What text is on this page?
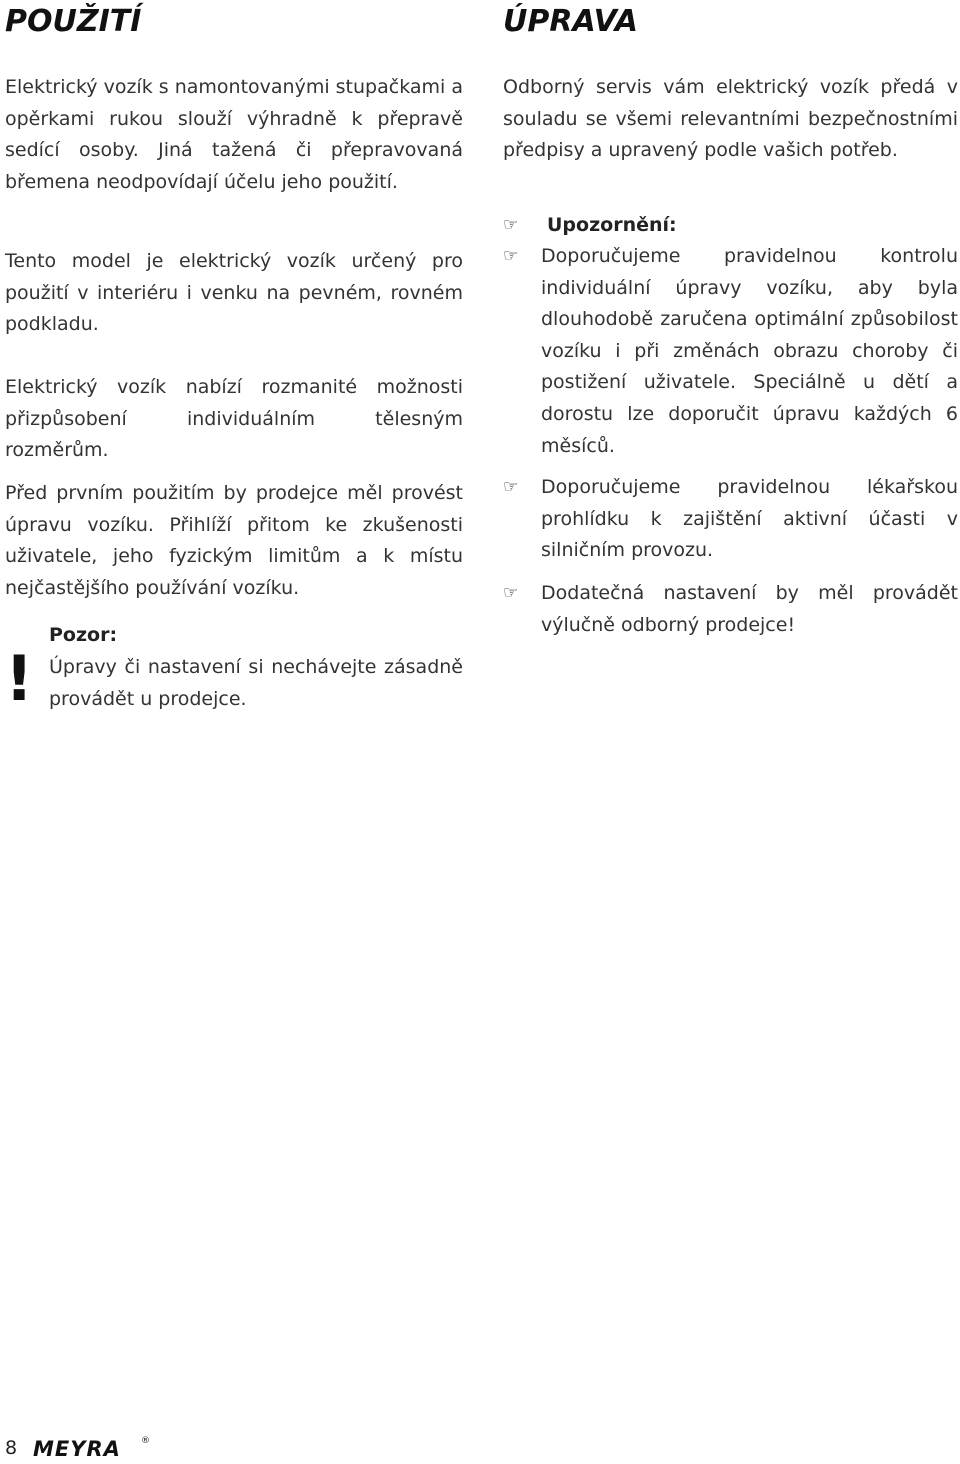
POUŽITÍ

Elektrický vozík s namontovanými stupačkami a opěrkami rukou slouží výhradně k přepravě sedící osoby. Jiná tažená či přepravovaná břemena neodpovídají účelu jeho použití.

Tento model je elektrický vozík určený pro použití v interiéru i venku na pevném, rovném podkladu.

Elektrický vozík nabízí rozmanité možnosti přizpůsobení individuálním tělesným rozměrům.

Před prvním použitím by prodejce měl provést úpravu vozíku. Přihlíží přitom ke zkušenosti uživatele, jeho fyzickým limitům a k místu nejčastějšího používání vozíku.

!
Pozor:

Úpravy či nastavení si nechávejte zásadně provádět u prodejce.

ÚPRAVA

Odborný servis vám elektrický vozík předá v souladu se všemi relevantními bezpečnostními předpisy a upravený podle vašich potřeb.

☞ Upozornění:
☞ Doporučujeme pravidelnou kontrolu individuální úpravy vozíku, aby byla dlouhodobě zaručena optimální způsobilost vozíku i při změnách obrazu choroby či postižení uživatele. Speciálně u dětí a dorostu lze doporučit úpravu každých 6 měsíců.

☞ Doporučujeme pravidelnou lékařskou prohlídku k zajištění aktivní účasti v silničním provozu.

☞ Dodatečná nastavení by měl provádět výlučně odborný prodejce!

8 MEYRA ®
